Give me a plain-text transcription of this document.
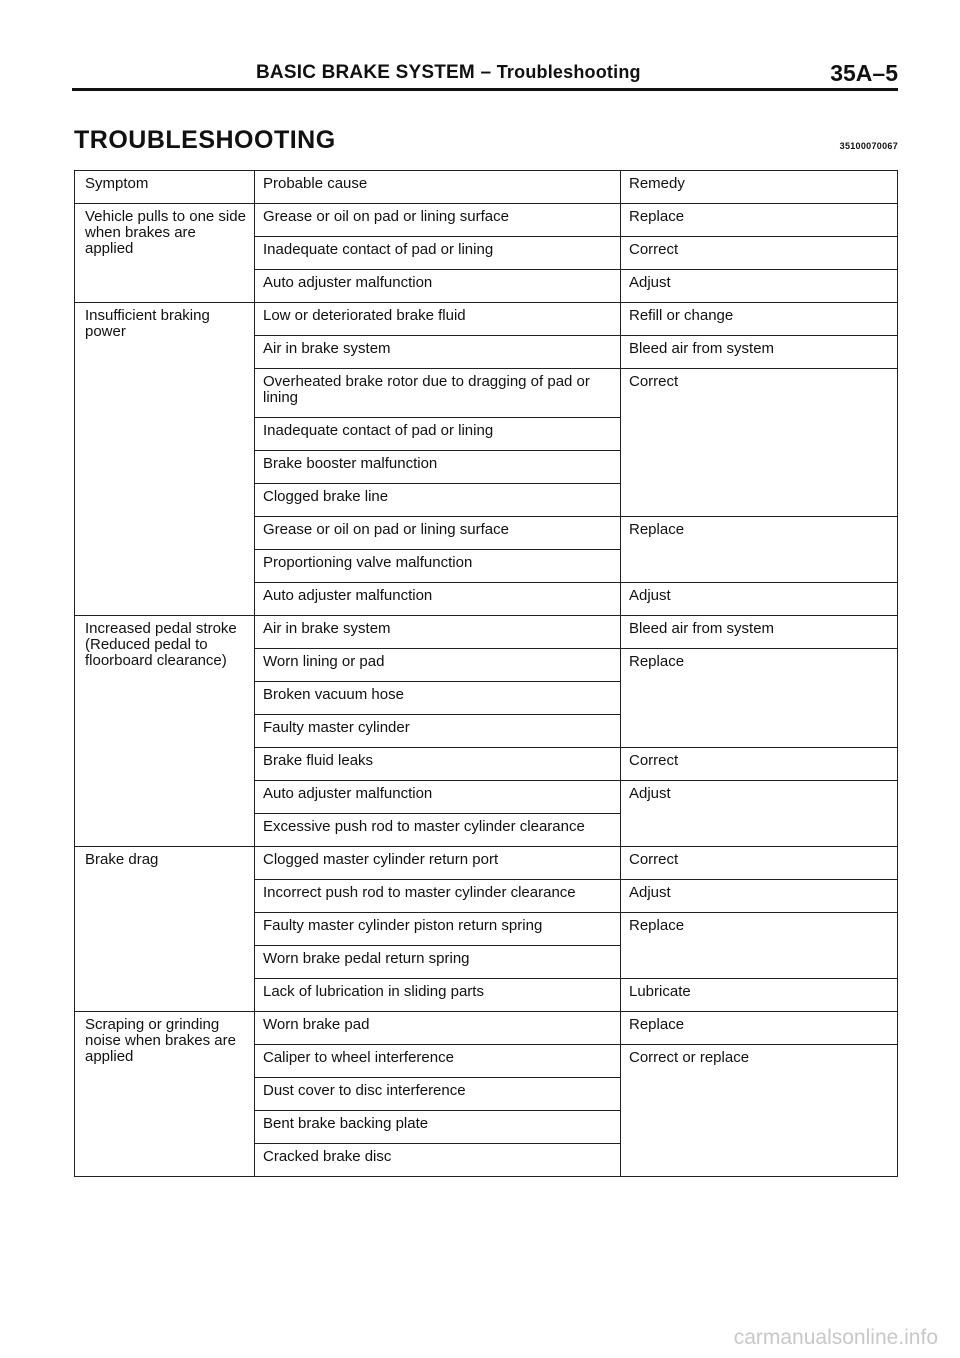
BASIC BRAKE SYSTEM – Troubleshooting	35A–5
TROUBLESHOOTING	35100070067
Symptom	Probable cause	Remedy
Vehicle pulls to one side when brakes are applied	Grease or oil on pad or lining surface	Replace
	Inadequate contact of pad or lining	Correct
	Auto adjuster malfunction	Adjust
Insufficient braking power	Low or deteriorated brake fluid	Refill or change
	Air in brake system	Bleed air from system
	Overheated brake rotor due to dragging of pad or lining	Correct
	Inadequate contact of pad or lining	
	Brake booster malfunction	
	Clogged brake line	
	Grease or oil on pad or lining surface	Replace
	Proportioning valve malfunction	
	Auto adjuster malfunction	Adjust
Increased pedal stroke (Reduced pedal to floorboard clearance)	Air in brake system	Bleed air from system
	Worn lining or pad	Replace
	Broken vacuum hose	
	Faulty master cylinder	
	Brake fluid leaks	Correct
	Auto adjuster malfunction	Adjust
	Excessive push rod to master cylinder clearance	
Brake drag	Clogged master cylinder return port	Correct
	Incorrect push rod to master cylinder clearance	Adjust
	Faulty master cylinder piston return spring	Replace
	Worn brake pedal return spring	
	Lack of lubrication in sliding parts	Lubricate
Scraping or grinding noise when brakes are applied	Worn brake pad	Replace
	Caliper to wheel interference	Correct or replace
	Dust cover to disc interference	
	Bent brake backing plate	
	Cracked brake disc	
carmanualsonline.info
